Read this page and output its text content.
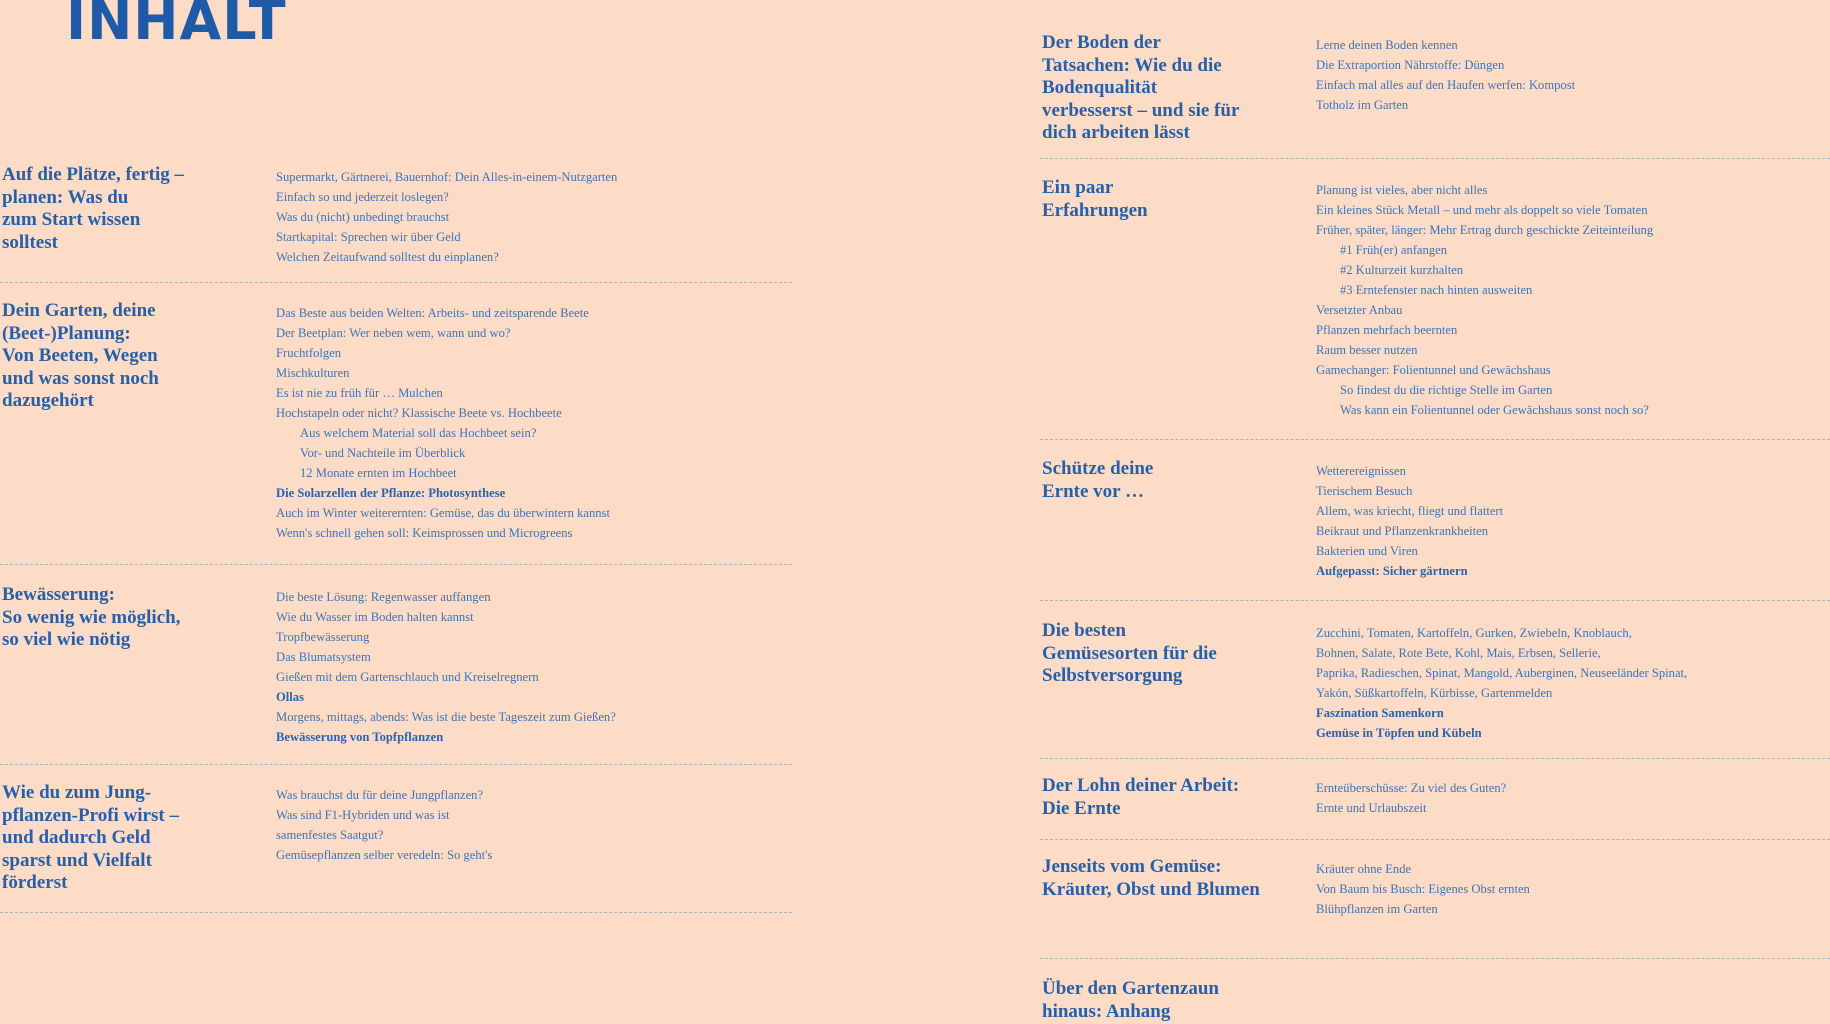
INHALT
Auf die Plätze, fertig –
planen: Was du
zum Start wissen
solltest
Supermarkt, Gärtnerei, Bauernhof: Dein Alles-in-einem-Nutzgarten
Einfach so und jederzeit loslegen?
Was du (nicht) unbedingt brauchst
Startkapital: Sprechen wir über Geld
Welchen Zeitaufwand solltest du einplanen?
Dein Garten, deine
(Beet-)Planung:
Von Beeten, Wegen
und was sonst noch
dazugehört
Das Beste aus beiden Welten: Arbeits- und zeitsparende Beete
Der Beetplan: Wer neben wem, wann und wo?
Fruchtfolgen
Mischkulturen
Es ist nie zu früh für … Mulchen
Hochstapeln oder nicht? Klassische Beete vs. Hochbeete
Aus welchem Material soll das Hochbeet sein?
Vor- und Nachteile im Überblick
12 Monate ernten im Hochbeet
Die Solarzellen der Pflanze: Photosynthese
Auch im Winter weiterernten: Gemüse, das du überwintern kannst
Wenn's schnell gehen soll: Keimsprossen und Microgreens
Bewässerung:
So wenig wie möglich,
so viel wie nötig
Die beste Lösung: Regenwasser auffangen
Wie du Wasser im Boden halten kannst
Tropfbewässerung
Das Blumatsystem
Gießen mit dem Gartenschlauch und Kreiselregnern
Ollas
Morgens, mittags, abends: Was ist die beste Tageszeit zum Gießen?
Bewässerung von Topfpflanzen
Wie du zum Jung-
pflanzen-Profi wirst –
und dadurch Geld
sparst und Vielfalt
förderst
Was brauchst du für deine Jungpflanzen?
Was sind F1-Hybriden und was ist
samenfestes Saatgut?
Gemüsepflanzen selber veredeln: So geht's
Der Boden der
Tatsachen: Wie du die
Bodenqualität
verbesserst – und sie für
dich arbeiten lässt
Lerne deinen Boden kennen
Die Extraportion Nährstoffe: Düngen
Einfach mal alles auf den Haufen werfen: Kompost
Totholz im Garten
Ein paar
Erfahrungen
Planung ist vieles, aber nicht alles
Ein kleines Stück Metall – und mehr als doppelt so viele Tomaten
Früher, später, länger: Mehr Ertrag durch geschickte Zeiteinteilung
#1 Früh(er) anfangen
#2 Kulturzeit kurzhalten
#3 Erntefenster nach hinten ausweiten
Versetzter Anbau
Pflanzen mehrfach beernten
Raum besser nutzen
Gamechanger: Folientunnel und Gewächshaus
So findest du die richtige Stelle im Garten
Was kann ein Folientunnel oder Gewächshaus sonst noch so?
Schütze deine
Ernte vor …
Wetterereignissen
Tierischem Besuch
Allem, was kriecht, fliegt und flattert
Beikraut und Pflanzenkrankheiten
Bakterien und Viren
Aufgepasst: Sicher gärtnern
Die besten
Gemüsesorten für die
Selbstversorgung
Zucchini, Tomaten, Kartoffeln, Gurken, Zwiebeln, Knoblauch,
Bohnen, Salate, Rote Bete, Kohl, Mais, Erbsen, Sellerie,
Paprika, Radieschen, Spinat, Mangold, Auberginen, Neuseeländer Spinat,
Yakón, Süßkartoffeln, Kürbisse, Gartenmelden
Faszination Samenkorn
Gemüse in Töpfen und Kübeln
Der Lohn deiner Arbeit:
Die Ernte
Ernteüberschüsse: Zu viel des Guten?
Ernte und Urlaubszeit
Jenseits vom Gemüse:
Kräuter, Obst und Blumen
Kräuter ohne Ende
Von Baum bis Busch: Eigenes Obst ernten
Blühpflanzen im Garten
Über den Gartenzaun
hinaus: Anhang
